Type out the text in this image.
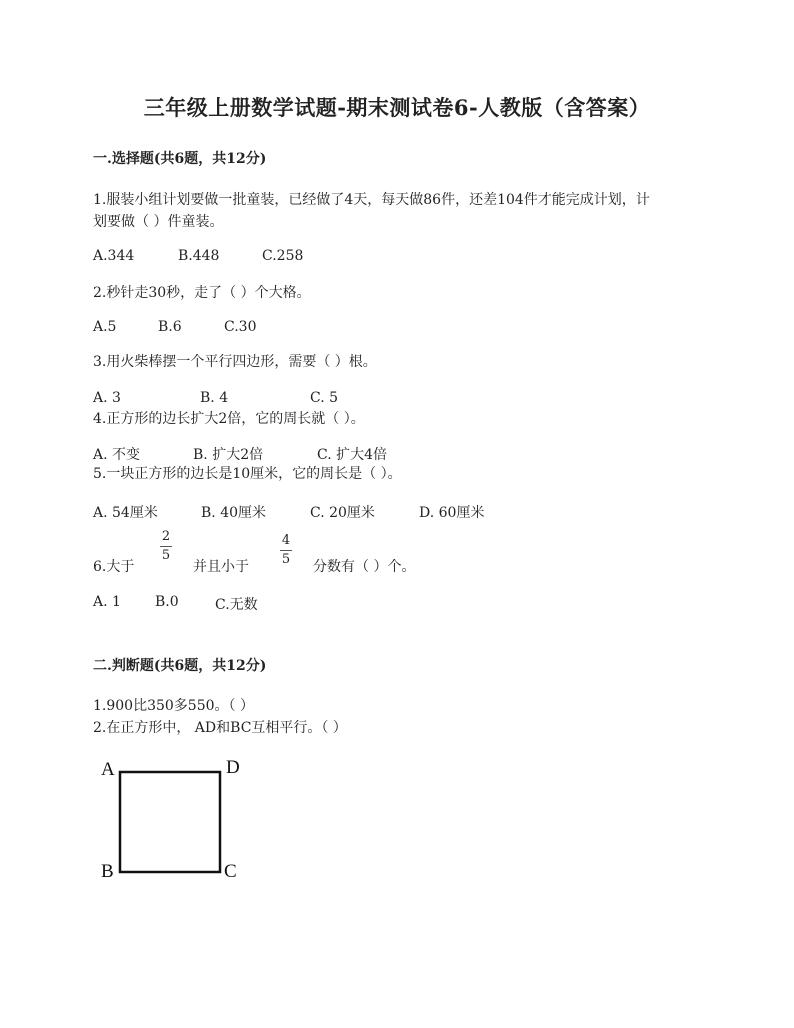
三年级上册数学试题-期末测试卷6-人教版（含答案）
一.选择题(共6题，共12分)
1.服装小组计划要做一批童装，已经做了4天，每天做86件，还差104件才能完成计划，计
划要做（ ）件童装。
A.344	B.448	C.258
2.秒针走30秒，走了（ ）个大格。
A.5	B.6	C.30
3.用火柴棒摆一个平行四边形，需要（ ）根。
A. 3	B. 4	C. 5
4.正方形的边长扩大2倍，它的周长就（ ）。
A. 不变	B. 扩大2倍	C. 扩大4倍
5.一块正方形的边长是10厘米，它的周长是（ ）。
A. 54厘米	B. 40厘米	C. 20厘米	D. 60厘米
6.大于
2
5
并且小于
4
5 分数有（ ）个。
A. 1 B.0	C.无数
二.判断题(共6题，共12分)
1.900比350多550。（ ）
2.在正方形中， AD和BC互相平行。（ ）
A	D
B	C
